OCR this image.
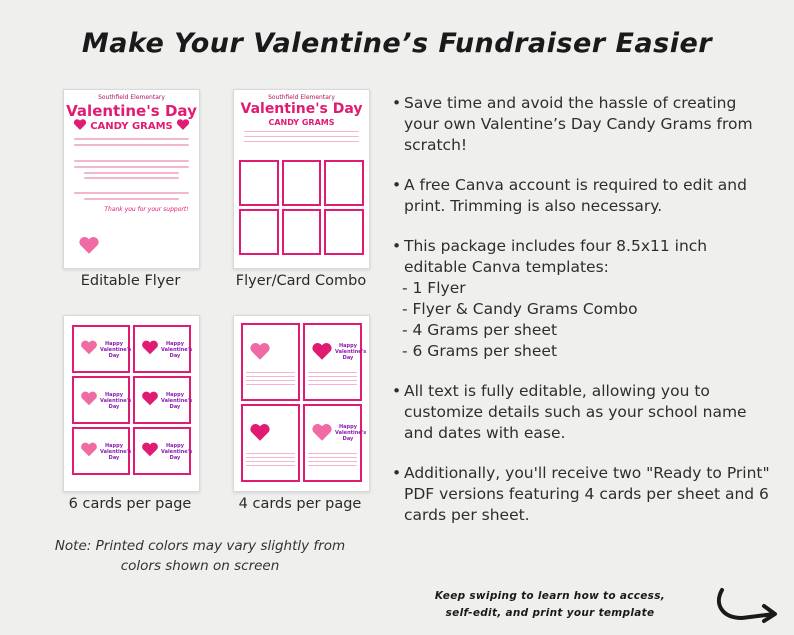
Make Your Valentine’s Fundraiser Easier
Southfield Elementary
Valentine's Day
CANDY GRAMS
Thank you for your support!
Editable Flyer
Southfield Elementary
Valentine's Day
CANDY GRAMS
Flyer/Card Combo
Happy Valentine's Day
Happy Valentine's Day
Happy Valentine's Day
Happy Valentine's Day
Happy Valentine's Day
Happy Valentine's Day
6 cards per page
Happy Valentine's Day
Happy Valentine's Day
4 cards per page
Note: Printed colors may vary slightly from colors shown on screen
• Save time and avoid the hassle of creating your own Valentine’s Day Candy Grams from scratch!
• A free Canva account is required to edit and print. Trimming is also necessary.
• This package includes four 8.5x11 inch editable Canva templates:
- 1 Flyer
- Flyer & Candy Grams Combo
- 4 Grams per sheet
- 6 Grams per sheet
• All text is fully editable, allowing you to customize details such as your school name and dates with ease.
• Additionally, you'll receive two "Ready to Print" PDF versions featuring 4 cards per sheet and 6 cards per sheet.
Keep swiping to learn how to access,
self-edit, and print your template
